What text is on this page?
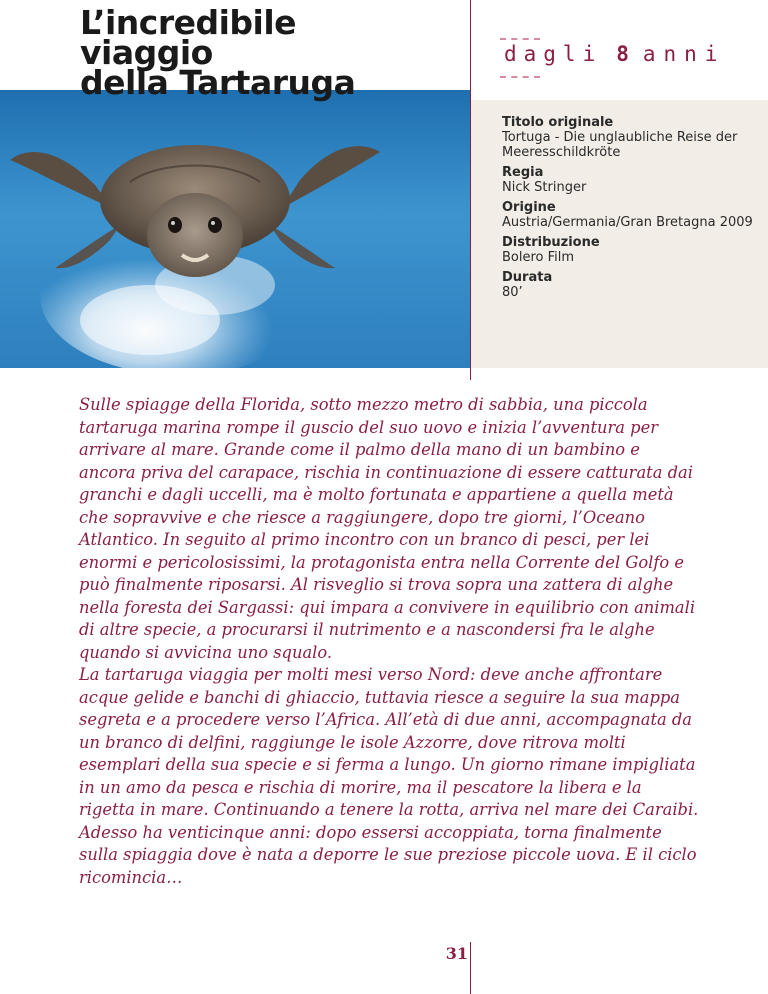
L’incredibile
viaggio
della Tartaruga
dagli 8 anni
Titolo originale
Tortuga - Die unglaubliche Reise der Meeresschildkröte
Regia
Nick Stringer
Origine
Austria/Germania/Gran Bretagna 2009
Distribuzione
Bolero Film
Durata
80’

Sulle spiagge della Florida, sotto mezzo metro di sabbia, una piccola tartaruga marina rompe il guscio del suo uovo e inizia l’avventura per arrivare al mare. Grande come il palmo della mano di un bambino e ancora priva del carapace, rischia in continuazione di essere catturata dai granchi e dagli uccelli, ma è molto fortunata e appartiene a quella metà che sopravvive e che riesce a raggiungere, dopo tre giorni, l’Oceano Atlantico. In seguito al primo incontro con un branco di pesci, per lei enormi e pericolosissimi, la protagonista entra nella Corrente del Golfo e può finalmente riposarsi. Al risveglio si trova sopra una zattera di alghe nella foresta dei Sargassi: qui impara a convivere in equilibrio con animali di altre specie, a procurarsi il nutrimento e a nascondersi fra le alghe quando si avvicina uno squalo.

La tartaruga viaggia per molti mesi verso Nord: deve anche affrontare acque gelide e banchi di ghiaccio, tuttavia riesce a seguire la sua mappa segreta e a procedere verso l’Africa. All’età di due anni, accompagnata da un branco di delfini, raggiunge le isole Azzorre, dove ritrova molti esemplari della sua specie e si ferma a lungo. Un giorno rimane impigliata in un amo da pesca e rischia di morire, ma il pescatore la libera e la rigetta in mare. Continuando a tenere la rotta, arriva nel mare dei Caraibi. Adesso ha venticinque anni: dopo essersi accoppiata, torna finalmente sulla spiaggia dove è nata a deporre le sue preziose piccole uova. E il ciclo ricomincia…

31
